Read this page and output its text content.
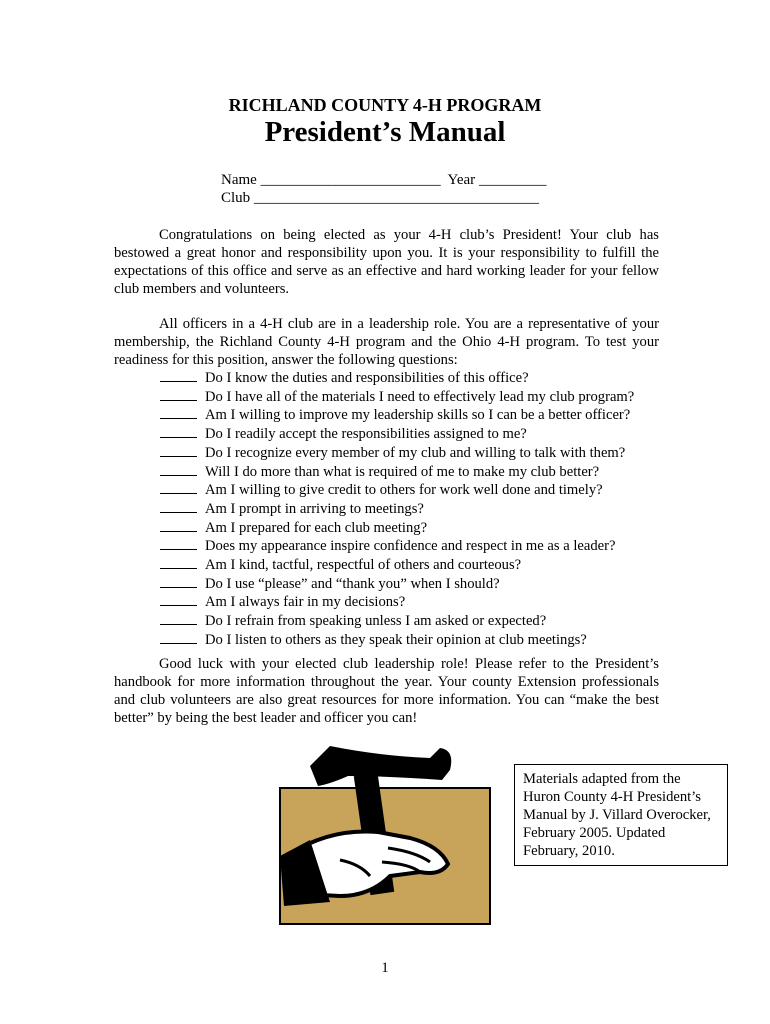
RICHLAND COUNTY 4-H PROGRAM
President’s Manual
Name ________________________ Year _________
Club ______________________________________

Congratulations on being elected as your 4-H club’s President! Your club has bestowed a great honor and responsibility upon you. It is your responsibility to fulfill the expectations of this office and serve as an effective and hard working leader for your fellow club members and volunteers.

All officers in a 4-H club are in a leadership role. You are a representative of your membership, the Richland County 4-H program and the Ohio 4-H program. To test your readiness for this position, answer the following questions:

Do I know the duties and responsibilities of this office?
Do I have all of the materials I need to effectively lead my club program?
Am I willing to improve my leadership skills so I can be a better officer?
Do I readily accept the responsibilities assigned to me?
Do I recognize every member of my club and willing to talk with them?
Will I do more than what is required of me to make my club better?
Am I willing to give credit to others for work well done and timely?
Am I prompt in arriving to meetings?
Am I prepared for each club meeting?
Does my appearance inspire confidence and respect in me as a leader?
Am I kind, tactful, respectful of others and courteous?
Do I use “please” and “thank you” when I should?
Am I always fair in my decisions?
Do I refrain from speaking unless I am asked or expected?
Do I listen to others as they speak their opinion at club meetings?

Good luck with your elected club leadership role! Please refer to the President’s handbook for more information throughout the year. Your county Extension professionals and club volunteers are also great resources for more information. You can “make the best better” by being the best leader and officer you can!

Materials adapted from the Huron County 4-H President’s Manual by J. Villard Overocker, February 2005. Updated February, 2010.
1
